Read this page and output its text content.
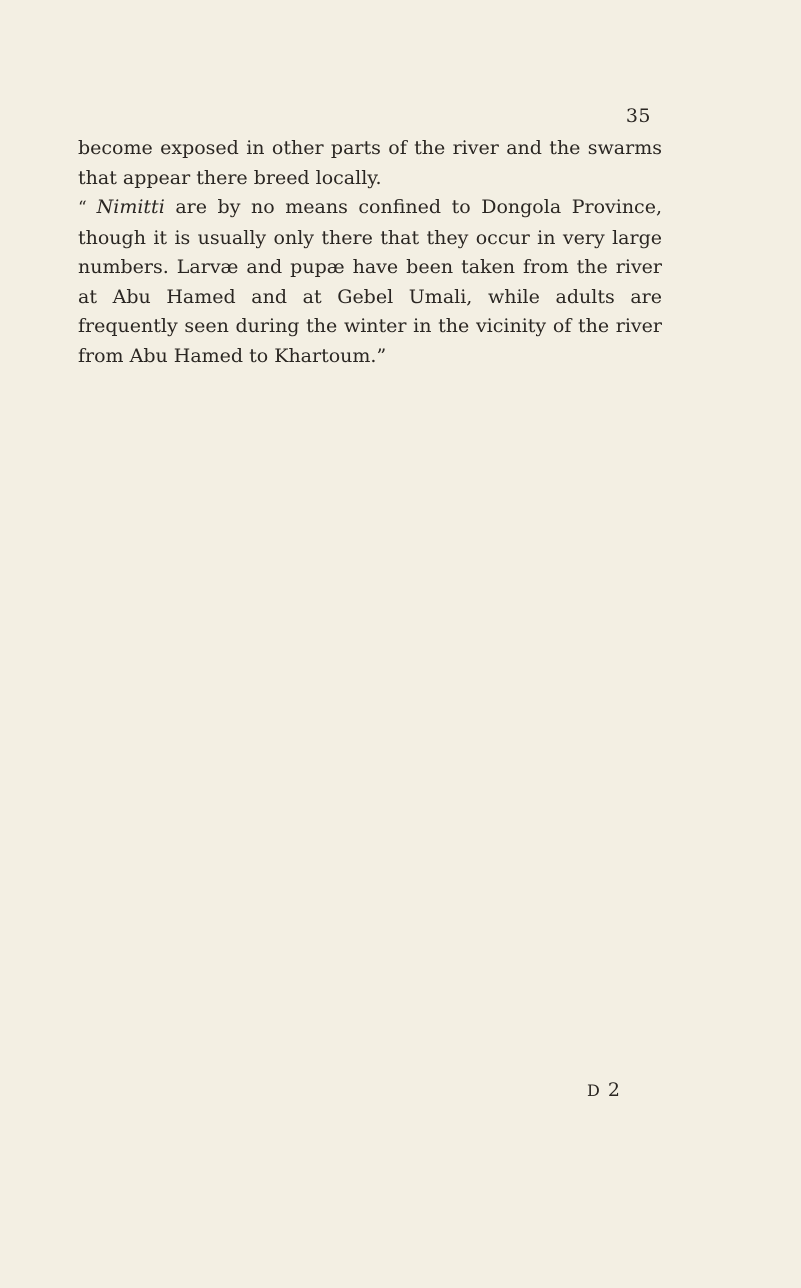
35

become exposed in other parts of the river and the swarms that appear there breed locally.

“ Nimitti are by no means confined to Dongola Province, though it is usually only there that they occur in very large numbers. Larvæ and pupæ have been taken from the river at Abu Hamed and at Gebel Umali, while adults are frequently seen during the winter in the vicinity of the river from Abu Hamed to Khartoum.”

D 2
